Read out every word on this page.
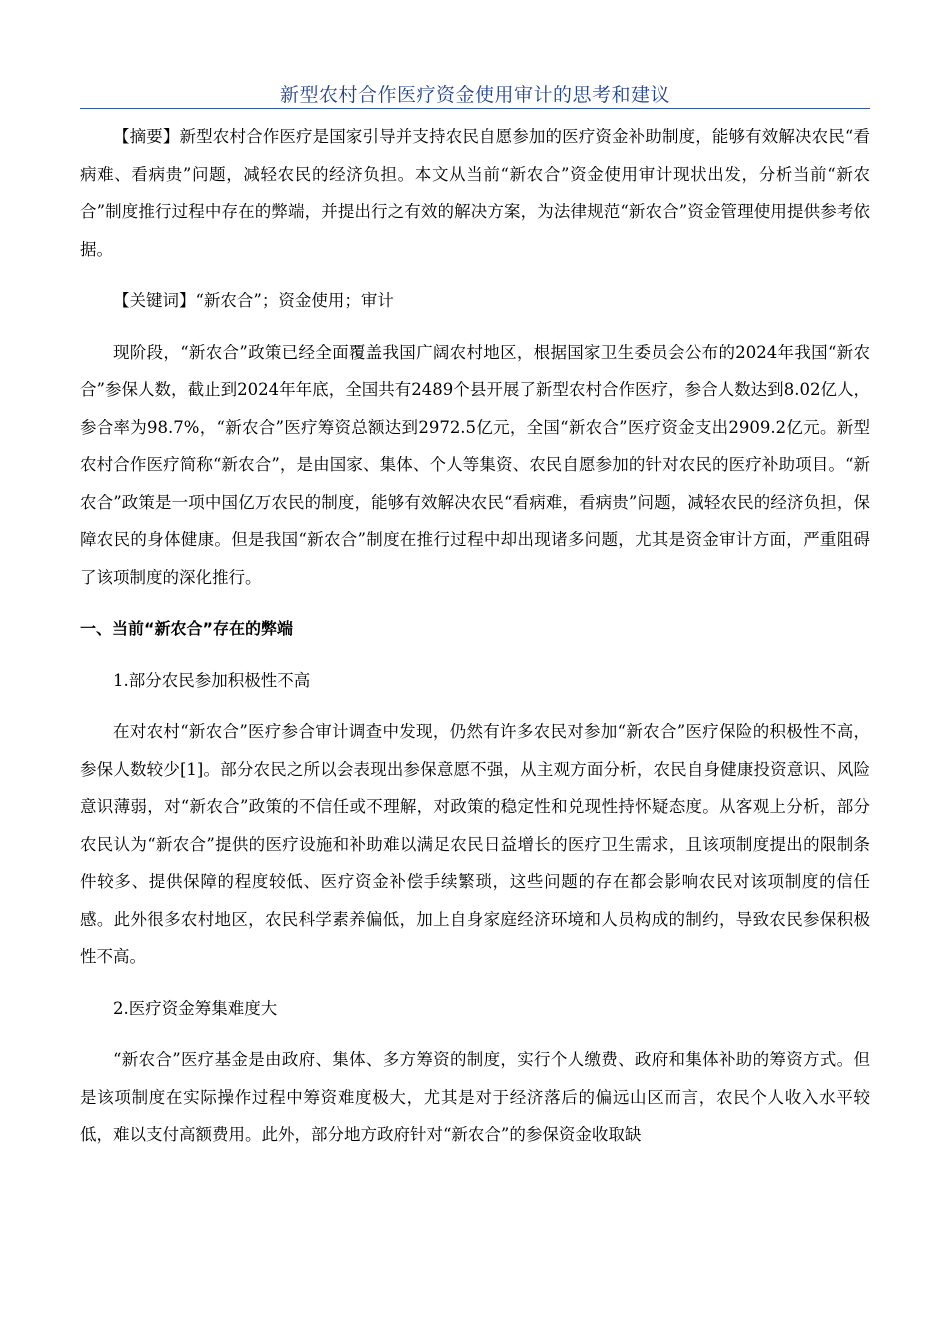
新型农村合作医疗资金使用审计的思考和建议

【摘要】新型农村合作医疗是国家引导并支持农民自愿参加的医疗资金补助制度，能够有效解决农民“看病难、看病贵”问题，减轻农民的经济负担。本文从当前“新农合”资金使用审计现状出发，分析当前“新农合”制度推行过程中存在的弊端，并提出行之有效的解决方案，为法律规范“新农合”资金管理使用提供参考依据。

【关键词】“新农合”；资金使用；审计

现阶段，“新农合”政策已经全面覆盖我国广阔农村地区，根据国家卫生委员会公布的2024年我国“新农合”参保人数，截止到2024年年底，全国共有2489个县开展了新型农村合作医疗，参合人数达到8.02亿人，参合率为98.7%，“新农合”医疗筹资总额达到2972.5亿元，全国“新农合”医疗资金支出2909.2亿元。新型农村合作医疗简称“新农合”，是由国家、集体、个人等集资、农民自愿参加的针对农民的医疗补助项目。“新农合”政策是一项中国亿万农民的制度，能够有效解决农民“看病难，看病贵”问题，减轻农民的经济负担，保障农民的身体健康。但是我国“新农合”制度在推行过程中却出现诸多问题，尤其是资金审计方面，严重阻碍了该项制度的深化推行。

一、当前“新农合”存在的弊端

1.部分农民参加积极性不高

在对农村“新农合”医疗参合审计调查中发现，仍然有许多农民对参加“新农合”医疗保险的积极性不高，参保人数较少[1]。部分农民之所以会表现出参保意愿不强，从主观方面分析，农民自身健康投资意识、风险意识薄弱，对“新农合”政策的不信任或不理解，对政策的稳定性和兑现性持怀疑态度。从客观上分析，部分农民认为“新农合”提供的医疗设施和补助难以满足农民日益增长的医疗卫生需求，且该项制度提出的限制条件较多、提供保障的程度较低、医疗资金补偿手续繁琐，这些问题的存在都会影响农民对该项制度的信任感。此外很多农村地区，农民科学素养偏低，加上自身家庭经济环境和人员构成的制约，导致农民参保积极性不高。

2.医疗资金筹集难度大

“新农合”医疗基金是由政府、集体、多方筹资的制度，实行个人缴费、政府和集体补助的筹资方式。但是该项制度在实际操作过程中筹资难度极大，尤其是对于经济落后的偏远山区而言，农民个人收入水平较低，难以支付高额费用。此外，部分地方政府针对“新农合”的参保资金收取缺
